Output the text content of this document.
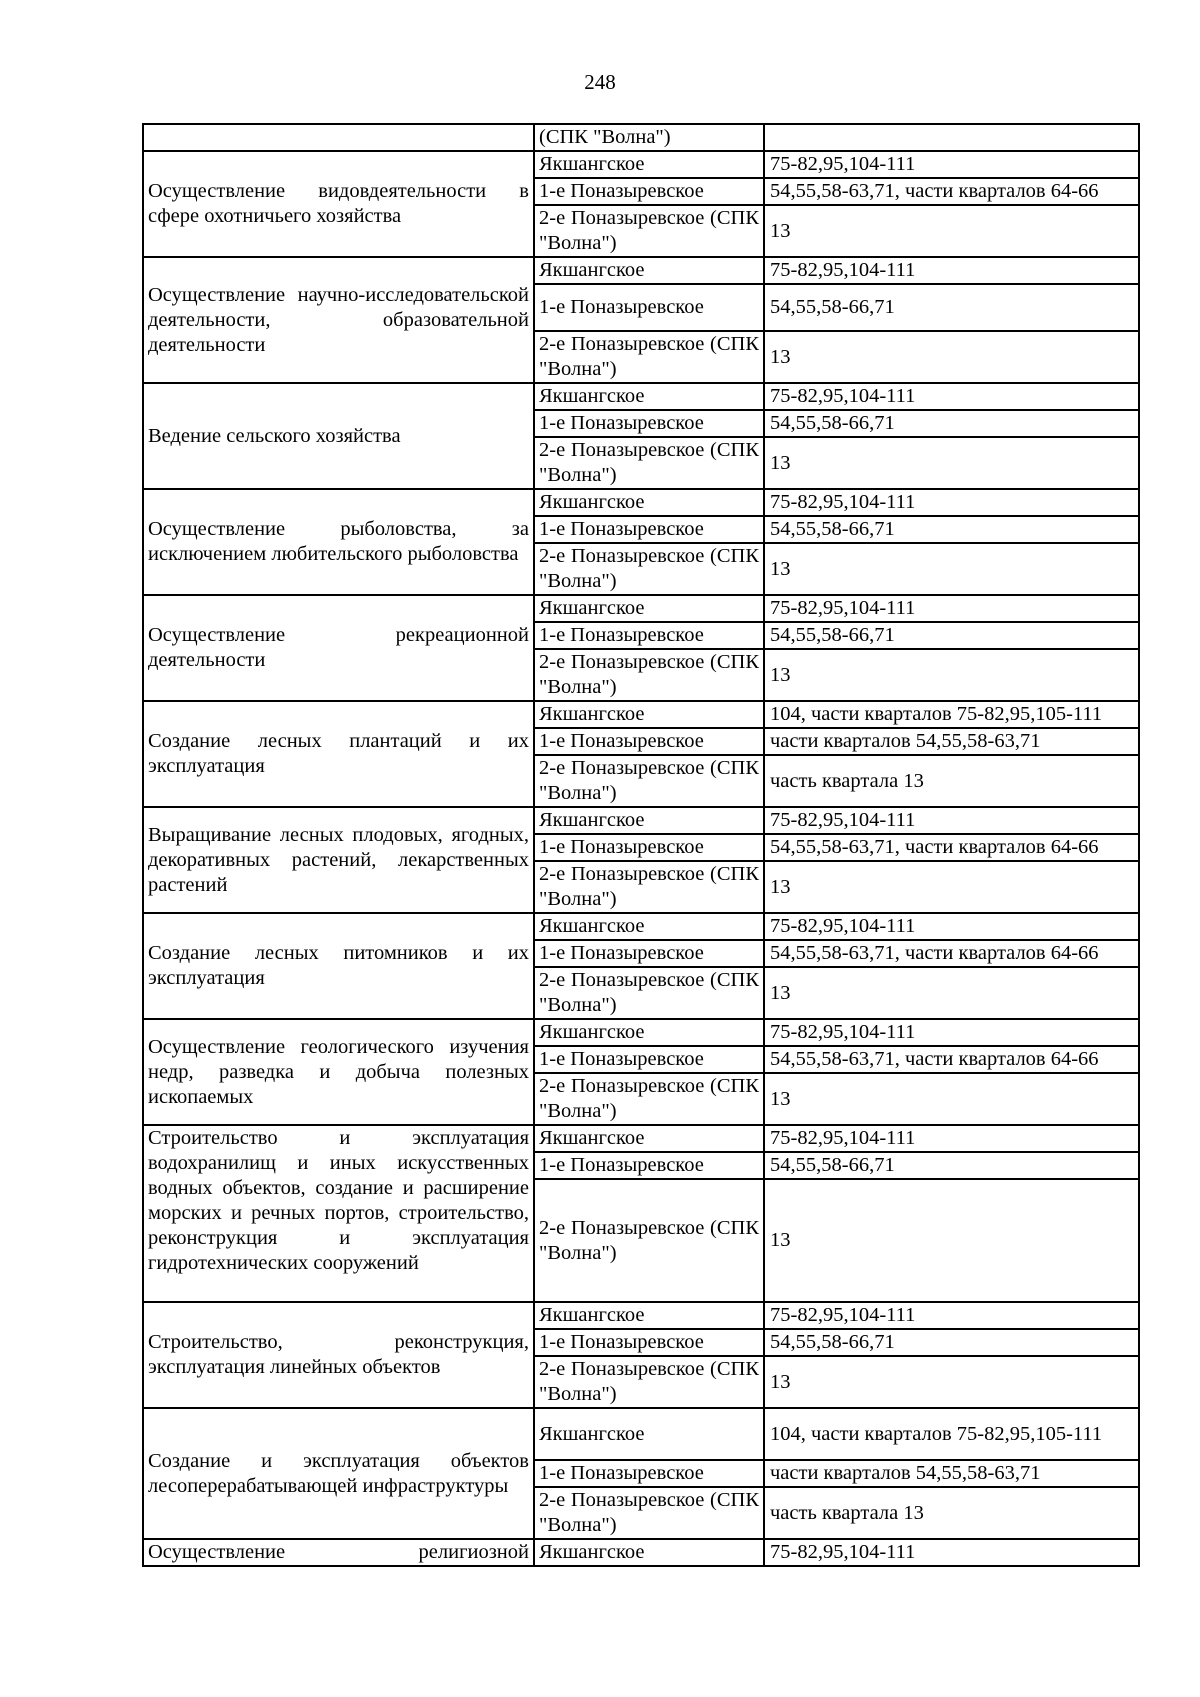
248
	(СПК "Волна")	
Осуществление видовдеятельности в сфере охотничьего хозяйства	Якшангское	75-82,95,104-111
	1-е Поназыревское	54,55,58-63,71, части кварталов 64-66
	2-е Поназыревское (СПК "Волна")	13
Осуществление научно-исследовательской деятельности, образовательной деятельности	Якшангское	75-82,95,104-111
	1-е Поназыревское	54,55,58-66,71
	2-е Поназыревское (СПК "Волна")	13
Ведение сельского хозяйства	Якшангское	75-82,95,104-111
	1-е Поназыревское	54,55,58-66,71
	2-е Поназыревское (СПК "Волна")	13
Осуществление рыболовства, за исключением любительского рыболовства	Якшангское	75-82,95,104-111
	1-е Поназыревское	54,55,58-66,71
	2-е Поназыревское (СПК "Волна")	13
Осуществление рекреационной деятельности	Якшангское	75-82,95,104-111
	1-е Поназыревское	54,55,58-66,71
	2-е Поназыревское (СПК "Волна")	13
Создание лесных плантаций и их эксплуатация	Якшангское	104, части кварталов 75-82,95,105-111
	1-е Поназыревское	части кварталов 54,55,58-63,71
	2-е Поназыревское (СПК "Волна")	часть квартала 13
Выращивание лесных плодовых, ягодных, декоративных растений, лекарственных растений	Якшангское	75-82,95,104-111
	1-е Поназыревское	54,55,58-63,71, части кварталов 64-66
	2-е Поназыревское (СПК "Волна")	13
Создание лесных питомников и их эксплуатация	Якшангское	75-82,95,104-111
	1-е Поназыревское	54,55,58-63,71, части кварталов 64-66
	2-е Поназыревское (СПК "Волна")	13
Осуществление геологического изучения недр, разведка и добыча полезных ископаемых	Якшангское	75-82,95,104-111
	1-е Поназыревское	54,55,58-63,71, части кварталов 64-66
	2-е Поназыревское (СПК "Волна")	13
Строительство и эксплуатация водохранилищ и иных искусственных водных объектов, создание и расширение морских и речных портов, строительство, реконструкция и эксплуатация гидротехнических сооружений	Якшангское	75-82,95,104-111
	1-е Поназыревское	54,55,58-66,71
	2-е Поназыревское (СПК "Волна")	13
Строительство, реконструкция, эксплуатация линейных объектов	Якшангское	75-82,95,104-111
	1-е Поназыревское	54,55,58-66,71
	2-е Поназыревское (СПК "Волна")	13
Создание и эксплуатация объектов лесоперерабатывающей инфраструктуры	Якшангское	104, части кварталов 75-82,95,105-111
	1-е Поназыревское	части кварталов 54,55,58-63,71
	2-е Поназыревское (СПК "Волна")	часть квартала 13
Осуществление религиозной	Якшангское	75-82,95,104-111
